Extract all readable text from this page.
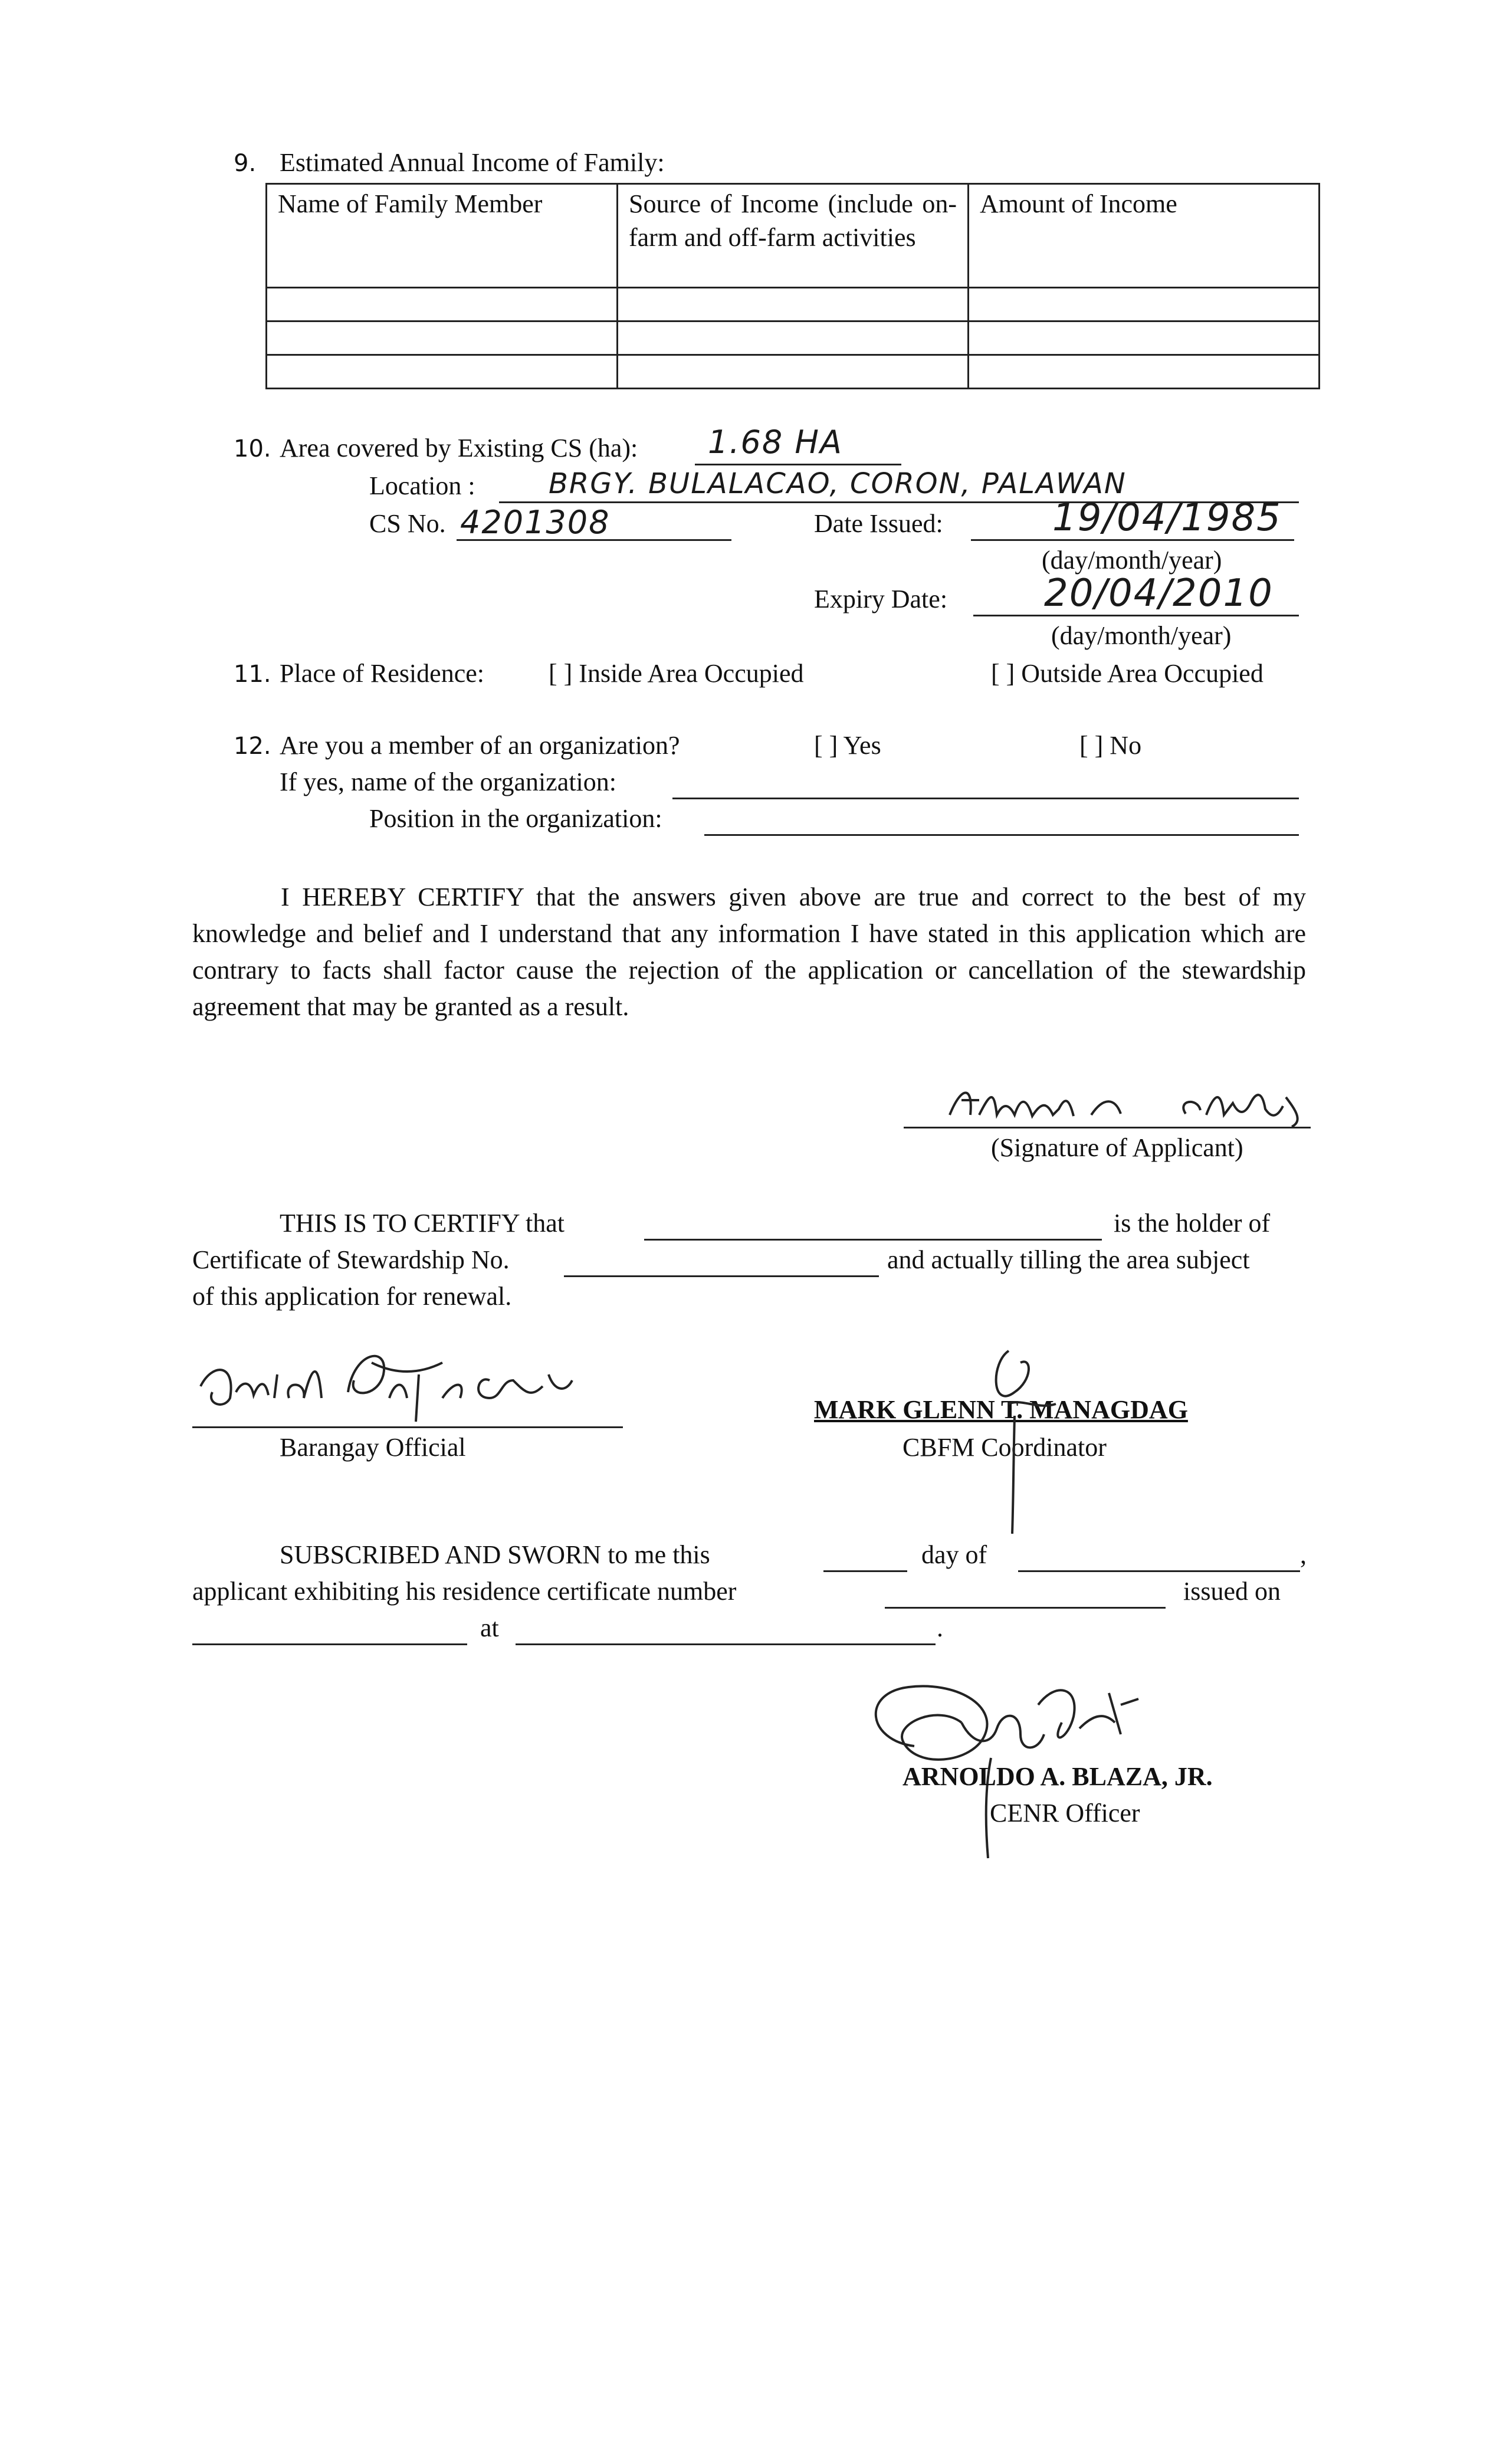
9. Estimated Annual Income of Family:
Name of Family Member	Source of Income (include on-farm and off-farm activities	Amount of Income

10. Area covered by Existing CS (ha): 1.68 HA
Location :	BRGY. BULALACAO, CORON, PALAWAN
CS No. 4201308	Date Issued:	19/04/1985
(day/month/year)
Expiry Date:	20/04/2010
(day/month/year)
11. Place of Residence: [ ] Inside Area Occupied	[ ] Outside Area Occupied
12. Are you a member of an organization?	[ ] Yes	[ ] No
If yes, name of the organization:
Position in the organization:
I HEREBY CERTIFY that the answers given above are true and correct to the best of my knowledge and belief and I understand that any information I have stated in this application which are contrary to facts shall factor cause the rejection of the application or cancellation of the stewardship agreement that may be granted as a result.
(Signature of Applicant)
THIS IS TO CERTIFY that	is the holder of
Certificate of Stewardship No.	and actually tilling the area subject
of this application for renewal.
Barangay Official
MARK GLENN T. MANAGDAG
CBFM Coordinator
SUBSCRIBED AND SWORN to me this	day of	,
applicant exhibiting his residence certificate number	issued on
at	.
ARNOLDO A. BLAZA, JR.
CENR Officer
